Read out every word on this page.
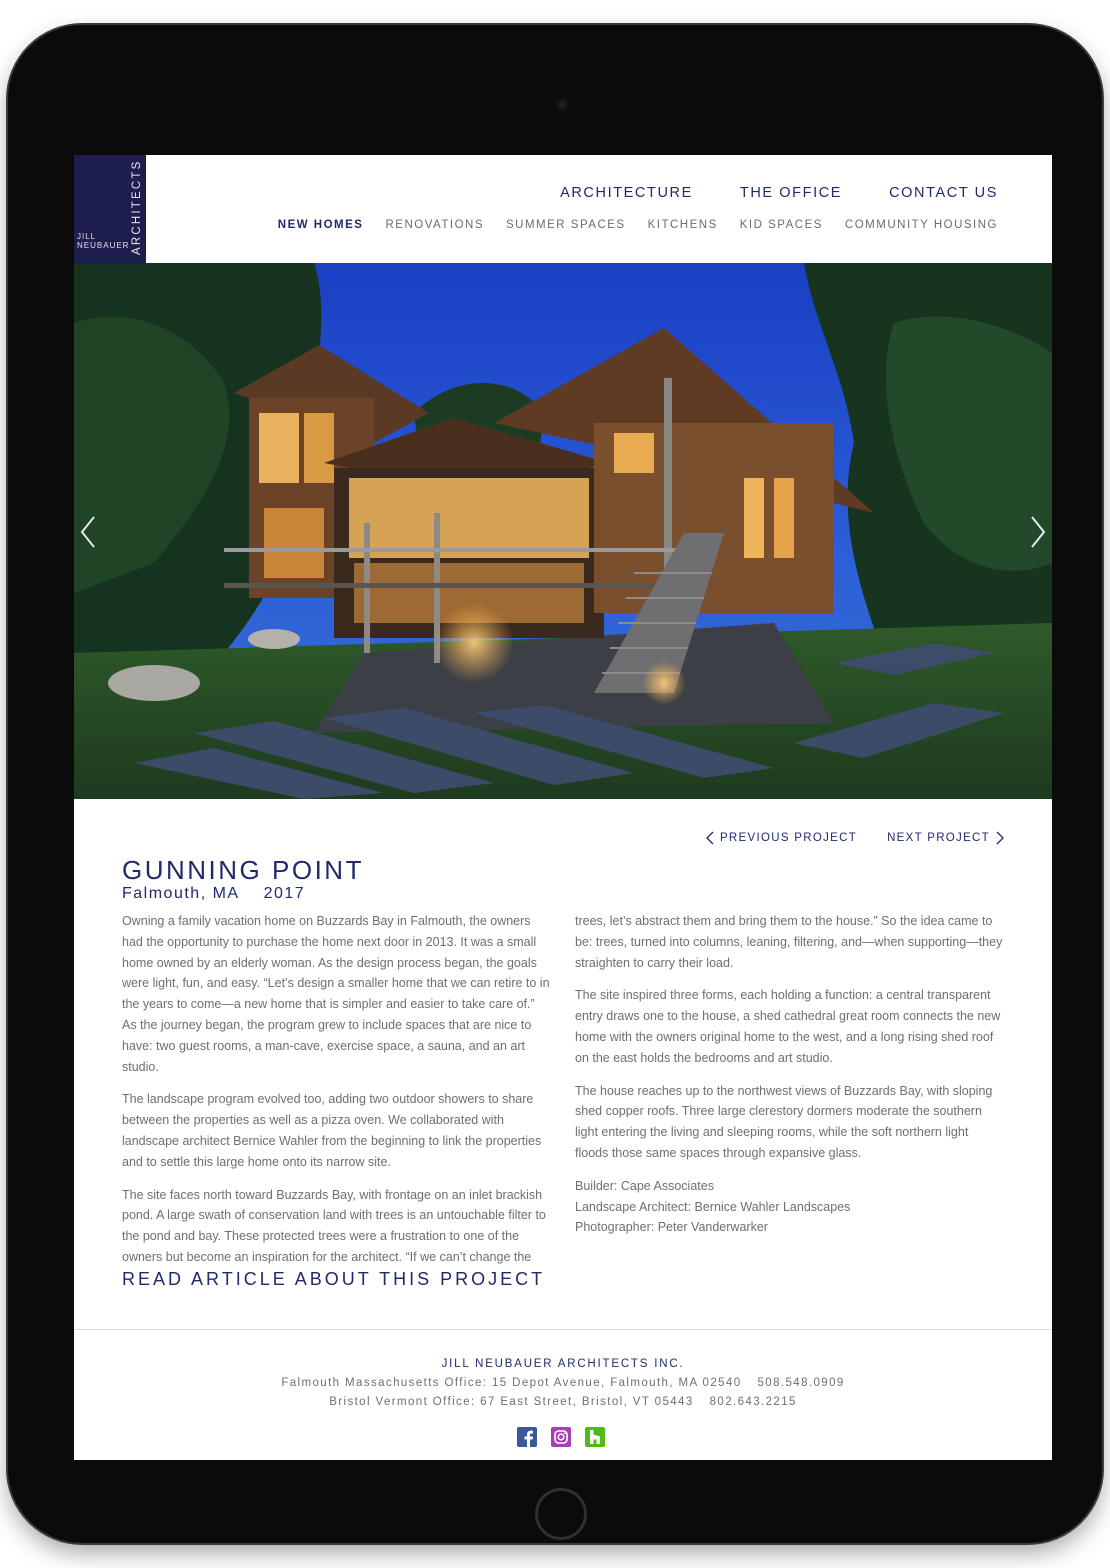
JILL
NEUBAUER ARCHITECTS	ARCHITECTURE	THE OFFICE	CONTACT US
NEW HOMES RENOVATIONS SUMMER SPACES KITCHENS KID SPACES COMMUNITY HOUSING
PREVIOUS PROJECT	NEXT PROJECT
GUNNING POINT
Falmouth, MA 2017

Owning a family vacation home on Buzzards Bay in Falmouth, the owners had the opportunity to purchase the home next door in 2013. It was a small home owned by an elderly woman. As the design process began, the goals were light, fun, and easy. “Let’s design a smaller home that we can retire to in the years to come—a new home that is simpler and easier to take care of.” As the journey began, the program grew to include spaces that are nice to have: two guest rooms, a man-cave, exercise space, a sauna, and an art studio.

The landscape program evolved too, adding two outdoor showers to share between the properties as well as a pizza oven. We collaborated with landscape architect Bernice Wahler from the beginning to link the properties and to settle this large home onto its narrow site.

The site faces north toward Buzzards Bay, with frontage on an inlet brackish pond. A large swath of conservation land with trees is an untouchable filter to the pond and bay. These protected trees were a frustration to one of the owners but become an inspiration for the architect. “If we can’t change the

trees, let’s abstract them and bring them to the house.” So the idea came to be: trees, turned into columns, leaning, filtering, and—when supporting—they straighten to carry their load.

The site inspired three forms, each holding a function: a central transparent entry draws one to the house, a shed cathedral great room connects the new home with the owners original home to the west, and a long rising shed roof on the east holds the bedrooms and art studio.

The house reaches up to the northwest views of Buzzards Bay, with sloping shed copper roofs. Three large clerestory dormers moderate the southern light entering the living and sleeping rooms, while the soft northern light floods those same spaces through expansive glass.

Builder: Cape Associates

Landscape Architect: Bernice Wahler Landscapes

Photographer: Peter Vanderwarker

READ ARTICLE ABOUT THIS PROJECT
JILL NEUBAUER ARCHITECTS INC.
Falmouth Massachusetts Office: 15 Depot Avenue, Falmouth, MA 02540 508.548.0909
Bristol Vermont Office: 67 East Street, Bristol, VT 05443 802.643.2215
